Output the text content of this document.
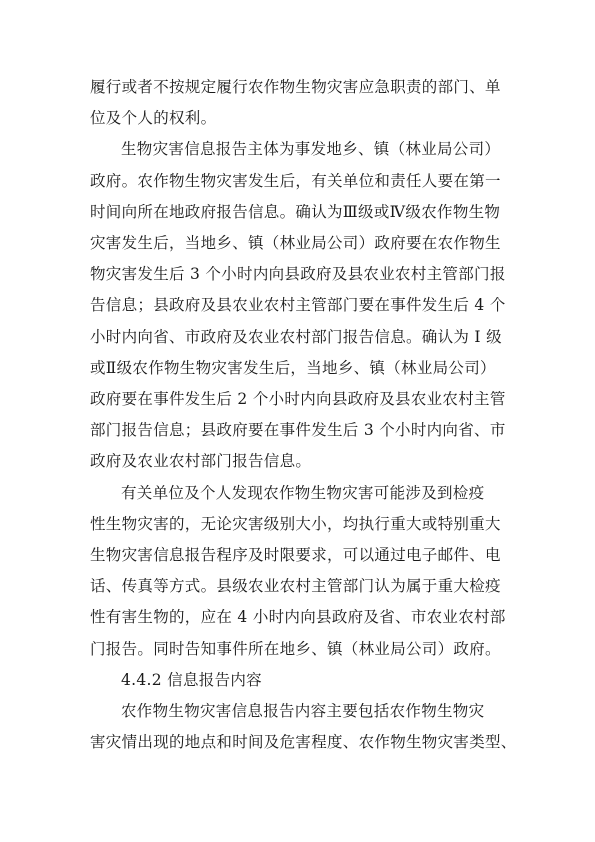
履行或者不按规定履行农作物生物灾害应急职责的部门、单
位及个人的权利。

生物灾害信息报告主体为事发地乡、镇（林业局公司）
政府。农作物生物灾害发生后，有关单位和责任人要在第一
时间向所在地政府报告信息。确认为Ⅲ级或Ⅳ级农作物生物
灾害发生后，当地乡、镇（林业局公司）政府要在农作物生
物灾害发生后 3 个小时内向县政府及县农业农村主管部门报
告信息；县政府及县农业农村主管部门要在事件发生后 4 个
小时内向省、市政府及农业农村部门报告信息。确认为 I 级
或Ⅱ级农作物生物灾害发生后，当地乡、镇（林业局公司）
政府要在事件发生后 2 个小时内向县政府及县农业农村主管
部门报告信息；县政府要在事件发生后 3 个小时内向省、市
政府及农业农村部门报告信息。

有关单位及个人发现农作物生物灾害可能涉及到检疫
性生物灾害的，无论灾害级别大小，均执行重大或特别重大
生物灾害信息报告程序及时限要求，可以通过电子邮件、电
话、传真等方式。县级农业农村主管部门认为属于重大检疫
性有害生物的，应在 4 小时内向县政府及省、市农业农村部
门报告。同时告知事件所在地乡、镇（林业局公司）政府。

4.4.2 信息报告内容

农作物生物灾害信息报告内容主要包括农作物生物灾
害灾情出现的地点和时间及危害程度、农作物生物灾害类型、
